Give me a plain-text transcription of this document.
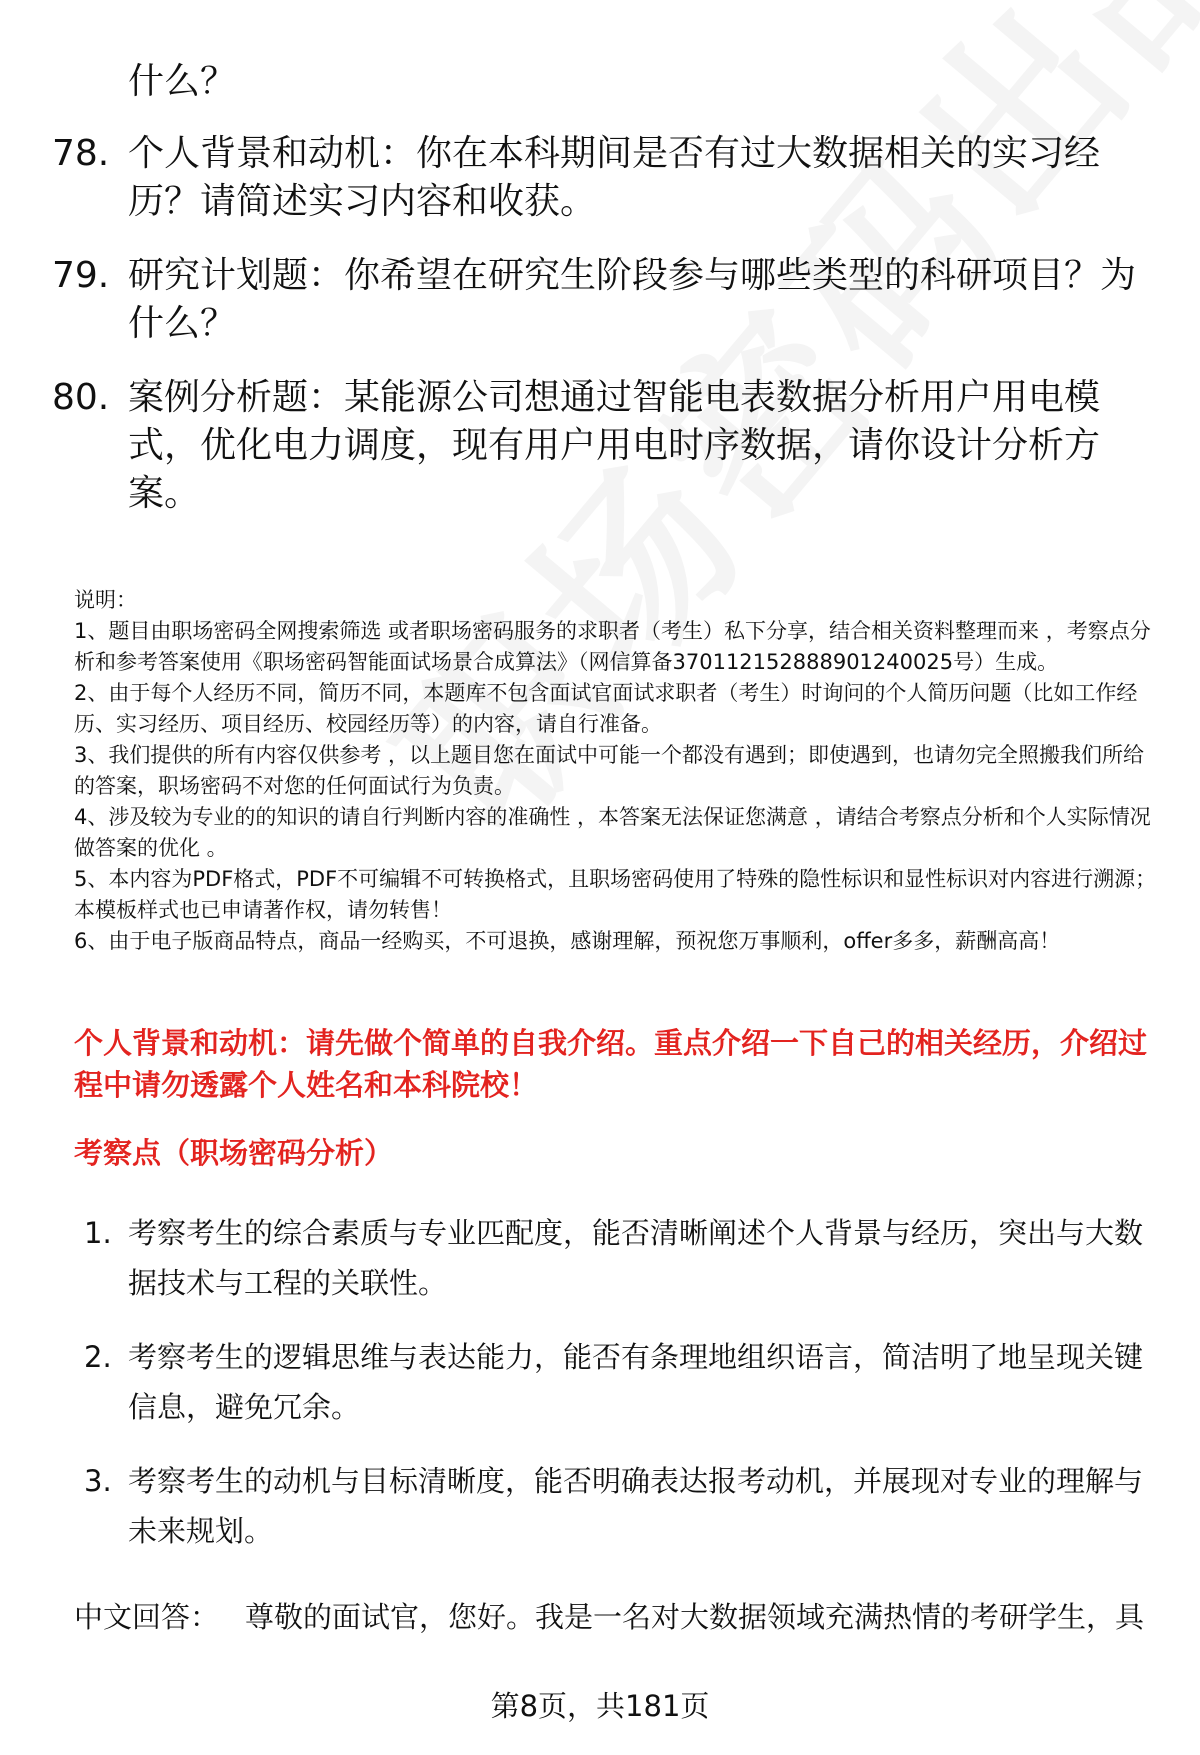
什么？
78. 个人背景和动机：你在本科期间是否有过大数据相关的实习经历？请简述实习内容和收获。
79. 研究计划题：你希望在研究生阶段参与哪些类型的科研项目？为什么？
80. 案例分析题：某能源公司想通过智能电表数据分析用户用电模式，优化电力调度，现有用户用电时序数据，请你设计分析方案。
说明：
1、题目由职场密码全网搜索筛选 或者职场密码服务的求职者（考生）私下分享，结合相关资料整理而来 ，考察点分析和参考答案使用《职场密码智能面试场景合成算法》（网信算备370112152888901240025号）生成。
2、由于每个人经历不同，简历不同，本题库不包含面试官面试求职者（考生）时询问的个人简历问题（比如工作经历、实习经历、项目经历、校园经历等）的内容，请自行准备。
3、我们提供的所有内容仅供参考 ，以上题目您在面试中可能一个都没有遇到；即使遇到，也请勿完全照搬我们所给的答案，职场密码不对您的任何面试行为负责。
4、涉及较为专业的的知识的请自行判断内容的准确性 ，本答案无法保证您满意 ，请结合考察点分析和个人实际情况做答案的优化 。
5、本内容为PDF格式，PDF不可编辑不可转换格式，且职场密码使用了特殊的隐性标识和显性标识对内容进行溯源；本模板样式也已申请著作权，请勿转售！
6、由于电子版商品特点，商品一经购买，不可退换，感谢理解，预祝您万事顺利，offer多多，薪酬高高！
个人背景和动机：请先做个简单的自我介绍。重点介绍一下自己的相关经历，介绍过程中请勿透露个人姓名和本科院校！
考察点（职场密码分析）
1. 考察考生的综合素质与专业匹配度，能否清晰阐述个人背景与经历，突出与大数据技术与工程的关联性。
2. 考察考生的逻辑思维与表达能力，能否有条理地组织语言，简洁明了地呈现关键信息，避免冗余。
3. 考察考生的动机与目标清晰度，能否明确表达报考动机，并展现对专业的理解与未来规划。
中文回答： 尊敬的面试官，您好。我是一名对大数据领域充满热情的考研学生，具
第8页，共181页
